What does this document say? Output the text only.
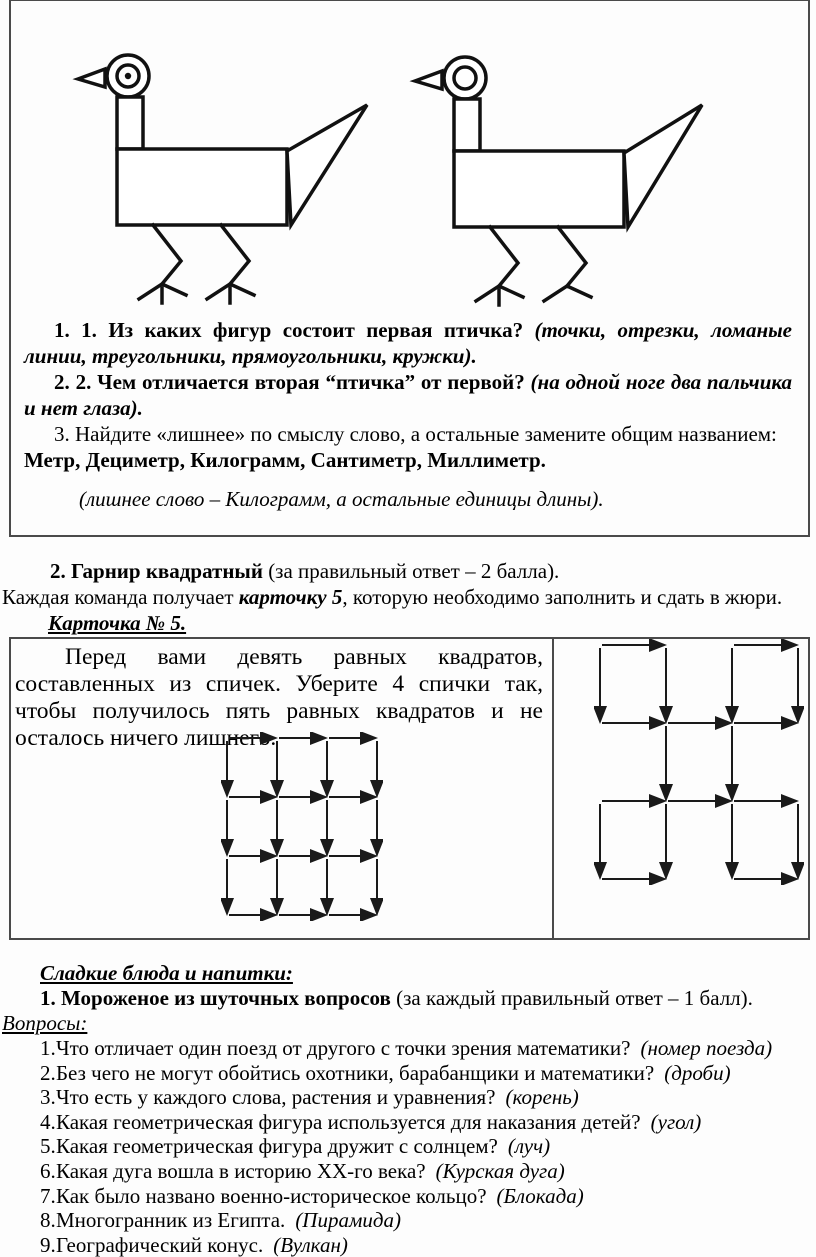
1. 1. Из каких фигур состоит первая птичка? (точки, отрезки, ломаные линии, треугольники, прямоугольники, кружки).

2. 2. Чем отличается вторая “птичка” от первой? (на одной ноге два пальчика и нет глаза).

3. Найдите «лишнее» по смыслу слово, а остальные замените общим названием:

Метр, Дециметр, Килограмм, Сантиметр, Миллиметр.

(лишнее слово – Килограмм, а остальные единицы длины).

2. Гарнир квадратный (за правильный ответ – 2 балла).
Каждая команда получает карточку 5, которую необходимо заполнить и сдать в жюри.
Карточка № 5.

Перед вами девять равных квадратов, составленных из спичек. Уберите 4 спички так, чтобы получилось пять равных квадратов и не осталось ничего лишнего.

Сладкие блюда и напитки:
1. Мороженое из шуточных вопросов (за каждый правильный ответ – 1 балл).
Вопросы:
1.Что отличает один поезд от другого с точки зрения математики? (номер поезда)
2.Без чего не могут обойтись охотники, барабанщики и математики? (дроби)
3.Что есть у каждого слова, растения и уравнения? (корень)
4.Какая геометрическая фигура используется для наказания детей? (угол)
5.Какая геометрическая фигура дружит с солнцем? (луч)
6.Какая дуга вошла в историю XX-го века? (Курская дуга)
7.Как было названо военно-историческое кольцо? (Блокада)
8.Многогранник из Египта. (Пирамида)
9.Географический конус. (Вулкан)
